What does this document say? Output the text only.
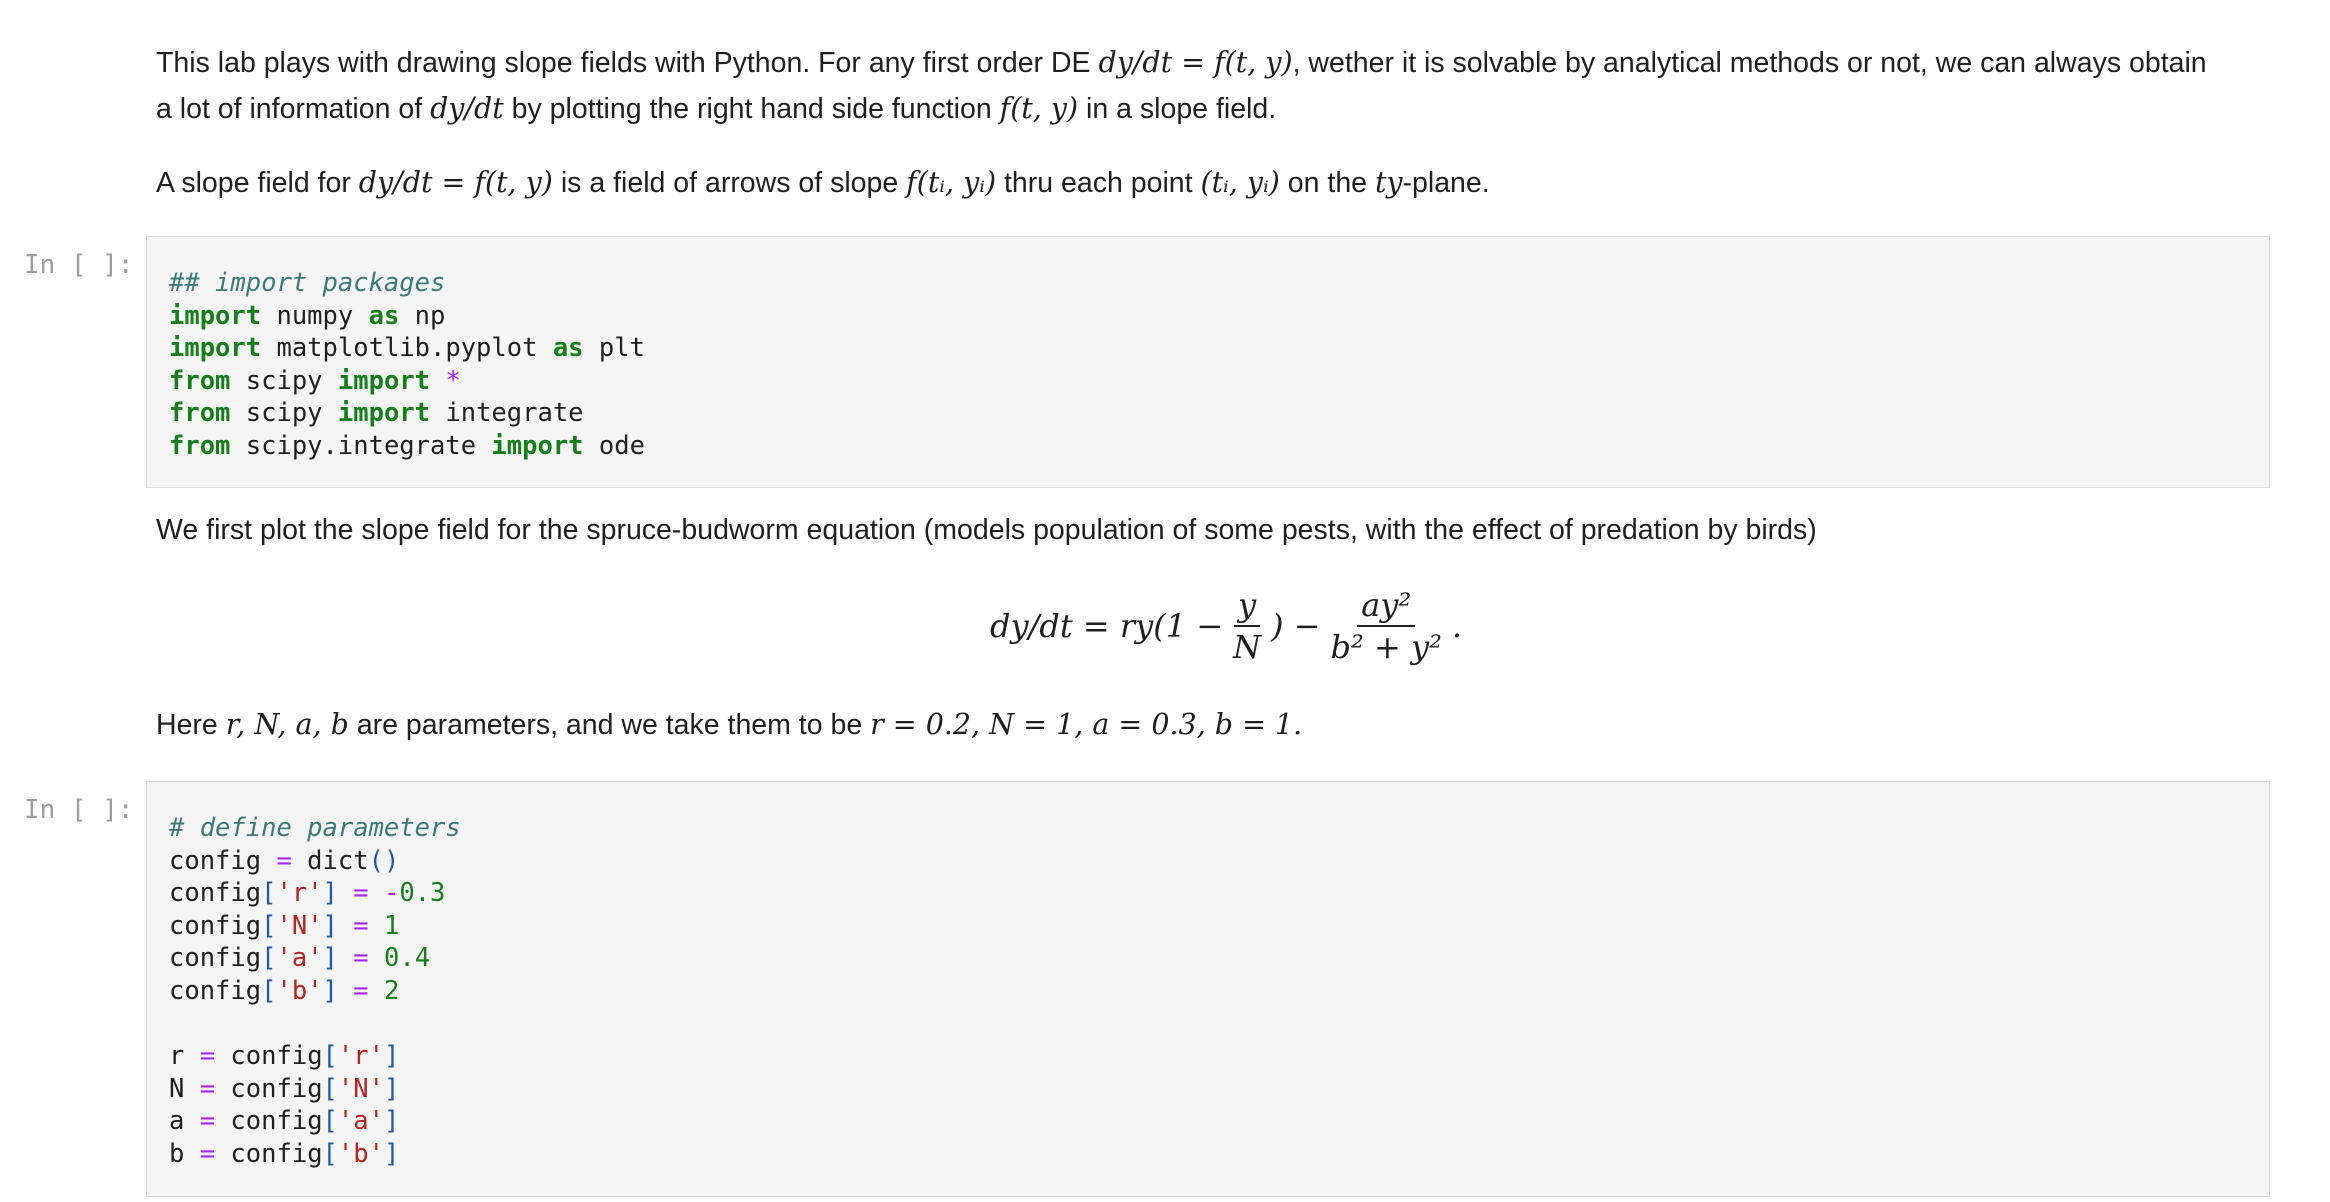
This lab plays with drawing slope fields with Python. For any first order DE dy/dt = f(t, y), wether it is solvable by analytical methods or not, we can always obtain

a lot of information of dy/dt by plotting the right hand side function f(t, y) in a slope field.

A slope field for dy/dt = f(t, y) is a field of arrows of slope f(tᵢ, yᵢ) thru each point (tᵢ, yᵢ) on the ty-plane.

In [ ]:
## import packages
import numpy as np
import matplotlib.pyplot as plt
from scipy import *
from scipy import integrate
from scipy.integrate import ode

We first plot the slope field for the spruce-budworm equation (models population of some pests, with the effect of predation by birds)

$dy/dt = ry(1 - \frac{y}{N}$ ) − $\frac{\text{ay²}}{\text{b² + y²}}$ .

Here r, N, a, b are parameters, and we take them to be r = 0.2, N = 1, a = 0.3, b = 1.

In [ ]:
# define parameters
config = dict()
config['r'] = -0.3
config['N'] = 1
config['a'] = 0.4
config['b'] = 2

r = config['r']
N = config['N']
a = config['a']
b = config['b']
